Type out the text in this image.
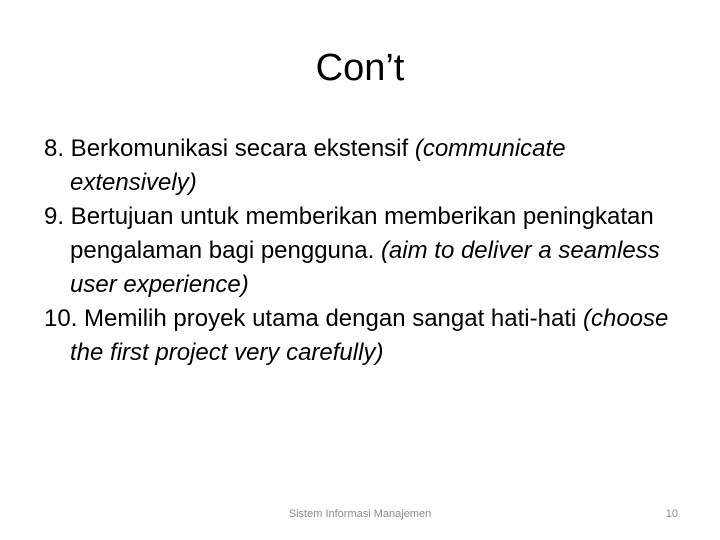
Con’t

8. Berkomunikasi secara ekstensif (communicate extensively)

9. Bertujuan untuk memberikan memberikan peningkatan pengalaman bagi pengguna. (aim to deliver a seamless user experience)

10. Memilih proyek utama dengan sangat hati-hati (choose the first project very carefully)

Sistem Informasi Manajemen	10
